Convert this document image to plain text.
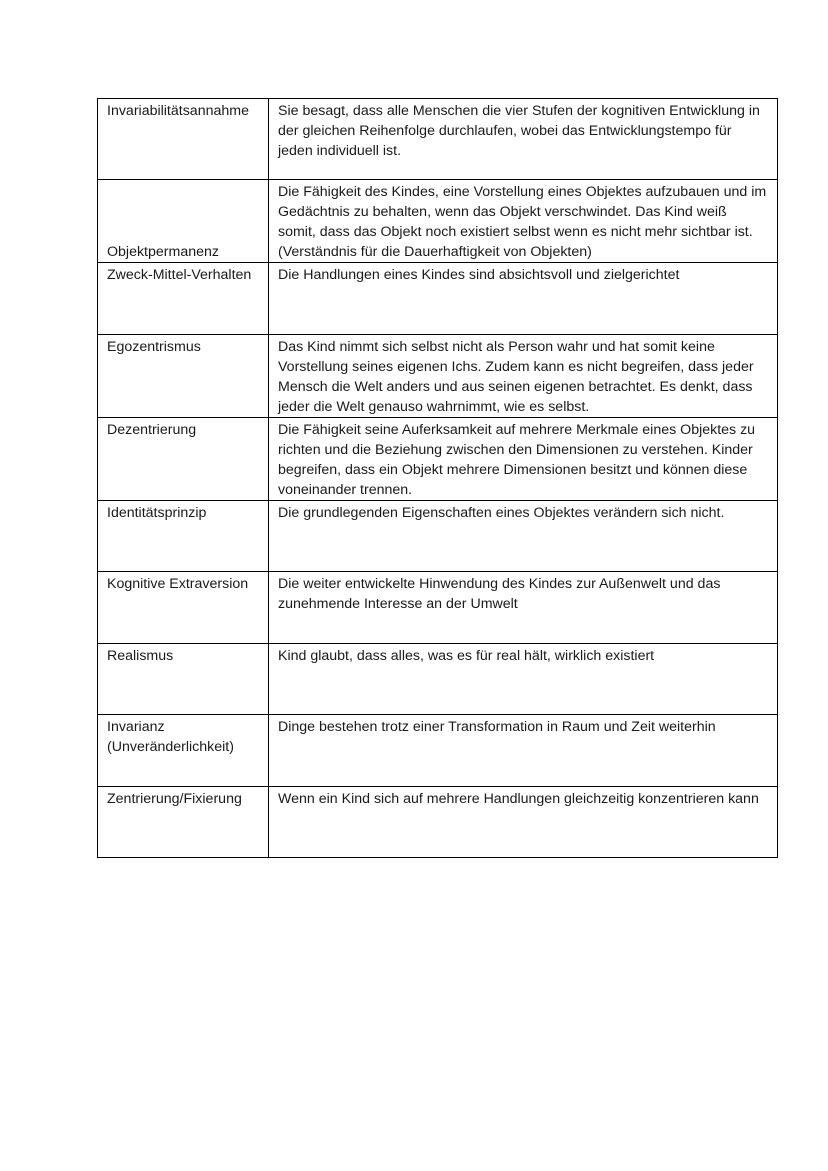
Invariabilitätsannahme	Sie besagt, dass alle Menschen die vier Stufen der kognitiven Entwicklung in der gleichen Reihenfolge durchlaufen, wobei das Entwicklungstempo für jeden individuell ist.

Objektpermanenz	Die Fähigkeit des Kindes, eine Vorstellung eines Objektes aufzubauen und im Gedächtnis zu behalten, wenn das Objekt verschwindet. Das Kind weiß somit, dass das Objekt noch existiert selbst wenn es nicht mehr sichtbar ist. (Verständnis für die Dauerhaftigkeit von Objekten)

Zweck-Mittel-Verhalten	Die Handlungen eines Kindes sind absichtsvoll und zielgerichtet

Egozentrismus	Das Kind nimmt sich selbst nicht als Person wahr und hat somit keine Vorstellung seines eigenen Ichs. Zudem kann es nicht begreifen, dass jeder Mensch die Welt anders und aus seinen eigenen betrachtet. Es denkt, dass jeder die Welt genauso wahrnimmt, wie es selbst.

Dezentrierung	Die Fähigkeit seine Auferksamkeit auf mehrere Merkmale eines Objektes zu richten und die Beziehung zwischen den Dimensionen zu verstehen. Kinder begreifen, dass ein Objekt mehrere Dimensionen besitzt und können diese voneinander trennen.

Identitätsprinzip	Die grundlegenden Eigenschaften eines Objektes verändern sich nicht.

Kognitive Extraversion	Die weiter entwickelte Hinwendung des Kindes zur Außenwelt und das zunehmende Interesse an der Umwelt

Realismus	Kind glaubt, dass alles, was es für real hält, wirklich existiert

Invarianz (Unveränderlichkeit)	Dinge bestehen trotz einer Transformation in Raum und Zeit weiterhin

Zentrierung/Fixierung	Wenn ein Kind sich auf mehrere Handlungen gleichzeitig konzentrieren kann
